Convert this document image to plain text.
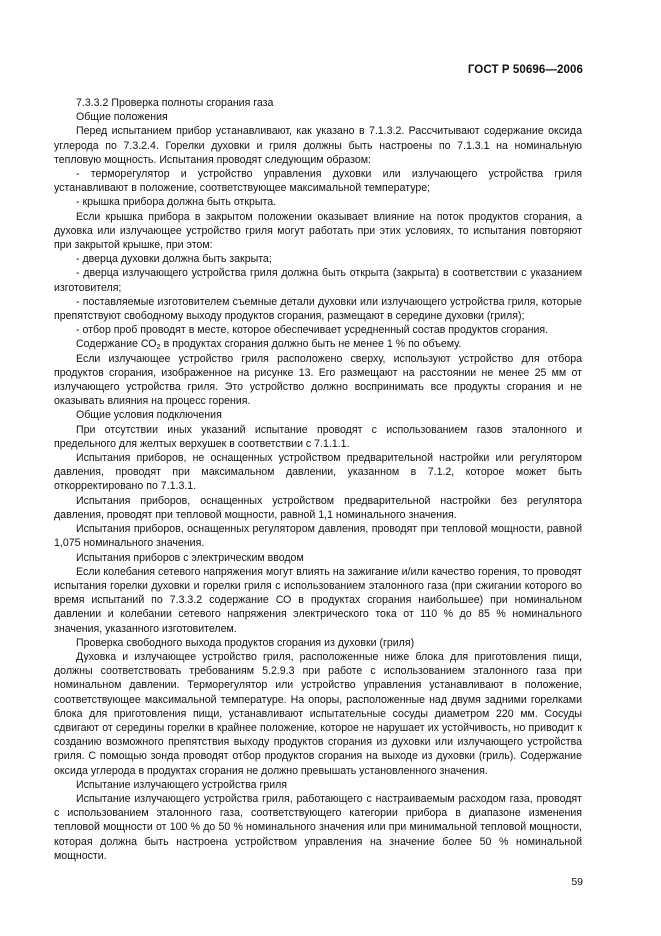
ГОСТ Р 50696—2006

7.3.3.2 Проверка полноты сгорания газа

Общие положения

Перед испытанием прибор устанавливают, как указано в 7.1.3.2. Рассчитывают содержание оксида углерода по 7.3.2.4. Горелки духовки и гриля должны быть настроены по 7.1.3.1 на номинальную тепловую мощность. Испытания проводят следующим образом:

- терморегулятор и устройство управления духовки или излучающего устройства гриля устанавливают в положение, соответствующее максимальной температуре;

- крышка прибора должна быть открыта.

Если крышка прибора в закрытом положении оказывает влияние на поток продуктов сгорания, а духовка или излучающее устройство гриля могут работать при этих условиях, то испытания повторяют при закрытой крышке, при этом:

- дверца духовки должна быть закрыта;

- дверца излучающего устройства гриля должна быть открыта (закрыта) в соответствии с указанием изготовителя;

- поставляемые изготовителем съемные детали духовки или излучающего устройства гриля, которые препятствуют свободному выходу продуктов сгорания, размещают в середине духовки (гриля);

- отбор проб проводят в месте, которое обеспечивает усредненный состав продуктов сгорания.

Содержание $СО_2$ в продуктах сгорания должно быть не менее 1 % по объему.

Если излучающее устройство гриля расположено сверху, используют устройство для отбора продуктов сгорания, изображенное на рисунке 13. Его размещают на расстоянии не менее 25 мм от излучающего устройства гриля. Это устройство должно воспринимать все продукты сгорания и не оказывать влияния на процесс горения.

Общие условия подключения

При отсутствии иных указаний испытание проводят с использованием газов эталонного и предельного для желтых верхушек в соответствии с 7.1.1.1.

Испытания приборов, не оснащенных устройством предварительной настройки или регулятором давления, проводят при максимальном давлении, указанном в 7.1.2, которое может быть откорректировано по 7.1.3.1.

Испытания приборов, оснащенных устройством предварительной настройки без регулятора давления, проводят при тепловой мощности, равной 1,1 номинального значения.

Испытания приборов, оснащенных регулятором давления, проводят при тепловой мощности, равной 1,075 номинального значения.

Испытания приборов с электрическим вводом

Если колебания сетевого напряжения могут влиять на зажигание и/или качество горения, то проводят испытания горелки духовки и горелки гриля с использованием эталонного газа (при сжигании которого во время испытаний по 7.3.3.2 содержание СО в продуктах сгорания наибольшее) при номинальном давлении и колебании сетевого напряжения электрического тока от 110 % до 85 % номинального значения, указанного изготовителем.

Проверка свободного выхода продуктов сгорания из духовки (гриля)

Духовка и излучающее устройство гриля, расположенные ниже блока для приготовления пищи, должны соответствовать требованиям 5.2.9.3 при работе с использованием эталонного газа при номинальном давлении. Терморегулятор или устройство управления устанавливают в положение, соответствующее максимальной температуре. На опоры, расположенные над двумя задними горелками блока для приготовления пищи, устанавливают испытательные сосуды диаметром 220 мм. Сосуды сдвигают от середины горелки в крайнее положение, которое не нарушает их устойчивость, но приводит к созданию возможного препятствия выходу продуктов сгорания из духовки или излучающего устройства гриля. С помощью зонда проводят отбор продуктов сгорания на выходе из духовки (гриль). Содержание оксида углерода в продуктах сгорания не должно превышать установленного значения.

Испытание излучающего устройства гриля

Испытание излучающего устройства гриля, работающего с настраиваемым расходом газа, проводят с использованием эталонного газа, соответствующего категории прибора в диапазоне изменения тепловой мощности от 100 % до 50 % номинального значения или при минимальной тепловой мощности, которая должна быть настроена устройством управления на значение более 50 % номинальной мощности.

59
